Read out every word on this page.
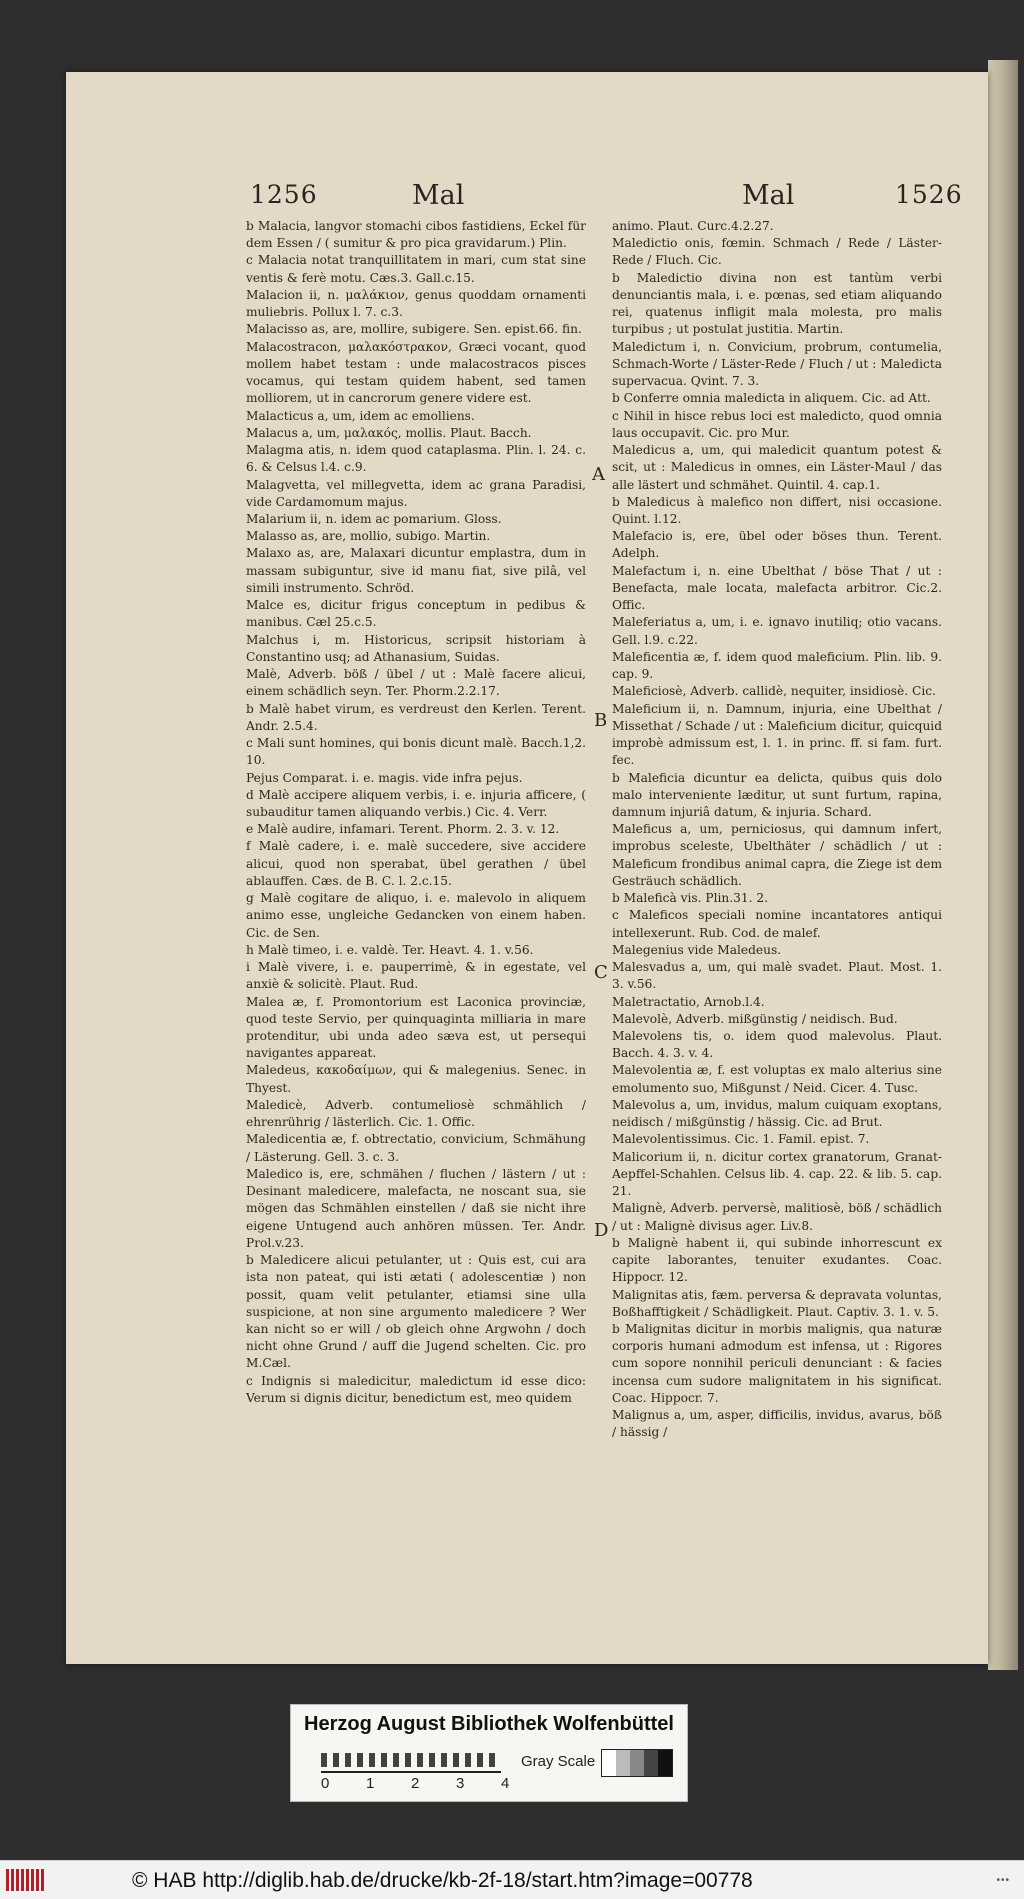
1256	Mal	Mal	1526

b Malacia, langvor stomachi cibos fastidiens, Eckel für dem Essen / ( sumitur & pro pica gravidarum.) Plin.

c Malacia notat tranquillitatem in mari, cum stat sine ventis & ferè motu. Cæs.3. Gall.c.15.

Malacion ii, n. μαλάκιον, genus quoddam ornamenti muliebris. Pollux l. 7. c.3.

Malacisso as, are, mollire, subigere. Sen. epist.66. fin.

Malacostracon, μαλακόστρακον, Græci vocant, quod mollem habet testam : unde malacostracos pisces vocamus, qui testam quidem habent, sed tamen molliorem, ut in cancrorum genere videre est.

Malacticus a, um, idem ac emolliens.

Malacus a, um, μαλακός, mollis. Plaut. Bacch.

Malagma atis, n. idem quod cataplasma. Plin. l. 24. c. 6. & Celsus l.4. c.9.

Malagvetta, vel millegvetta, idem ac grana Paradisi, vide Cardamomum majus.

Malarium ii, n. idem ac pomarium. Gloss.

Malasso as, are, mollio, subigo. Martin.

Malaxo as, are, Malaxari dicuntur emplastra, dum in massam subiguntur, sive id manu fiat, sive pilâ, vel simili instrumento. Schröd.

Malce es, dicitur frigus conceptum in pedibus & manibus. Cæl 25.c.5.

Malchus i, m. Historicus, scripsit historiam à Constantino usq; ad Athanasium, Suidas.

Malè, Adverb. böß / übel / ut : Malè facere alicui, einem schädlich seyn. Ter. Phorm.2.2.17.

b Malè habet virum, es verdreust den Kerlen. Terent. Andr. 2.5.4.

c Mali sunt homines, qui bonis dicunt malè. Bacch.1,2. 10.

Pejus Comparat. i. e. magis. vide infra pejus.

d Malè accipere aliquem verbis, i. e. injuria afficere, ( subauditur tamen aliquando verbis.) Cic. 4. Verr.

e Malè audire, infamari. Terent. Phorm. 2. 3. v. 12.

f Malè cadere, i. e. malè succedere, sive accidere alicui, quod non sperabat, übel gerathen / übel ablauffen. Cæs. de B. C. l. 2.c.15.

g Malè cogitare de aliquo, i. e. malevolo in aliquem animo esse, ungleiche Gedancken von einem haben. Cic. de Sen.

h Malè timeo, i. e. valdè. Ter. Heavt. 4. 1. v.56.

i Malè vivere, i. e. pauperrimè, & in egestate, vel anxiè & solicitè. Plaut. Rud.

Malea æ, f. Promontorium est Laconica provinciæ, quod teste Servio, per quinquaginta milliaria in mare protenditur, ubi unda adeo sæva est, ut persequi navigantes appareat.

Maledeus, κακοδαίμων, qui & malegenius. Senec. in Thyest.

Maledicè, Adverb. contumeliosè schmählich / ehrenrührig / lästerlich. Cic. 1. Offic.

Maledicentia æ, f. obtrectatio, convicium, Schmähung / Lästerung. Gell. 3. c. 3.

Maledico is, ere, schmähen / fluchen / lästern / ut : Desinant maledicere, malefacta, ne noscant sua, sie mögen das Schmählen einstellen / daß sie nicht ihre eigene Untugend auch anhören müssen. Ter. Andr. Prol.v.23.

b Maledicere alicui petulanter, ut : Quis est, cui ara ista non pateat, qui isti ætati ( adolescentiæ ) non possit, quam velit petulanter, etiamsi sine ulla suspicione, at non sine argumento maledicere ? Wer kan nicht so er will / ob gleich ohne Argwohn / doch nicht ohne Grund / auff die Jugend schelten. Cic. pro M.Cæl.

c Indignis si maledicitur, maledictum id esse dico: Verum si dignis dicitur, benedictum est, meo quidem

animo. Plaut. Curc.4.2.27.

Maledictio onis, fœmin. Schmach / Rede / Läster-Rede / Fluch. Cic.

b Maledictio divina non est tantùm verbi denunciantis mala, i. e. pœnas, sed etiam aliquando rei, quatenus infligit mala molesta, pro malis turpibus ; ut postulat justitia. Martin.

Maledictum i, n. Convicium, probrum, contumelia, Schmach-Worte / Läster-Rede / Fluch / ut : Maledicta supervacua. Qvint. 7. 3.

b Conferre omnia maledicta in aliquem. Cic. ad Att.

c Nihil in hisce rebus loci est maledicto, quod omnia laus occupavit. Cic. pro Mur.

Maledicus a, um, qui maledicit quantum potest & scit, ut : Maledicus in omnes, ein Läster-Maul / das alle lästert und schmähet. Quintil. 4. cap.1.

b Maledicus à malefico non differt, nisi occasione. Quint. l.12.

Malefacio is, ere, übel oder böses thun. Terent. Adelph.

Malefactum i, n. eine Ubelthat / böse That / ut : Benefacta, male locata, malefacta arbitror. Cic.2. Offic.

Maleferiatus a, um, i. e. ignavo inutiliq; otio vacans. Gell. l.9. c.22.

Maleficentia æ, f. idem quod maleficium. Plin. lib. 9. cap. 9.

Maleficiosè, Adverb. callidè, nequiter, insidiosè. Cic.

Maleficium ii, n. Damnum, injuria, eine Ubelthat / Missethat / Schade / ut : Maleficium dicitur, quicquid improbè admissum est, l. 1. in princ. ff. si fam. furt. fec.

b Maleficia dicuntur ea delicta, quibus quis dolo malo interveniente læditur, ut sunt furtum, rapina, damnum injuriâ datum, & injuria. Schard.

Maleficus a, um, perniciosus, qui damnum infert, improbus sceleste, Ubelthäter / schädlich / ut : Maleficum frondibus animal capra, die Ziege ist dem Gesträuch schädlich.

b Maleficà vis. Plin.31. 2.

c Maleficos speciali nomine incantatores antiqui intellexerunt. Rub. Cod. de malef.

Malegenius vide Maledeus.

Malesvadus a, um, qui malè svadet. Plaut. Most. 1. 3. v.56.

Maletractatio, Arnob.l.4.

Malevolè, Adverb. mißgünstig / neidisch. Bud.

Malevolens tis, o. idem quod malevolus. Plaut. Bacch. 4. 3. v. 4.

Malevolentia æ, f. est voluptas ex malo alterius sine emolumento suo, Mißgunst / Neid. Cicer. 4. Tusc.

Malevolus a, um, invidus, malum cuiquam exoptans, neidisch / mißgünstig / hässig. Cic. ad Brut.

Malevolentissimus. Cic. 1. Famil. epist. 7.

Malicorium ii, n. dicitur cortex granatorum, Granat-Aepffel-Schahlen. Celsus lib. 4. cap. 22. & lib. 5. cap. 21.

Malignè, Adverb. perversè, malitiosè, böß / schädlich / ut : Malignè divisus ager. Liv.8.

b Malignè habent ii, qui subinde inhorrescunt ex capite laborantes, tenuiter exudantes. Coac. Hippocr. 12.

Malignitas atis, fæm. perversa & depravata voluntas, Boßhafftigkeit / Schädligkeit. Plaut. Captiv. 3. 1. v. 5.

b Malignitas dicitur in morbis malignis, qua naturæ corporis humani admodum est infensa, ut : Rigores cum sopore nonnihil periculi denunciant : & facies incensa cum sudore malignitatem in his significat. Coac. Hippocr. 7.

Malignus a, um, asper, difficilis, invidus, avarus, böß / hässig /

A
B
C
D
Herzog August Bibliothek Wolfenbüttel
0 1 2 3 4
Gray Scale
© HAB http://diglib.hab.de/drucke/kb-2f-18/start.htm?image=00778	•••
